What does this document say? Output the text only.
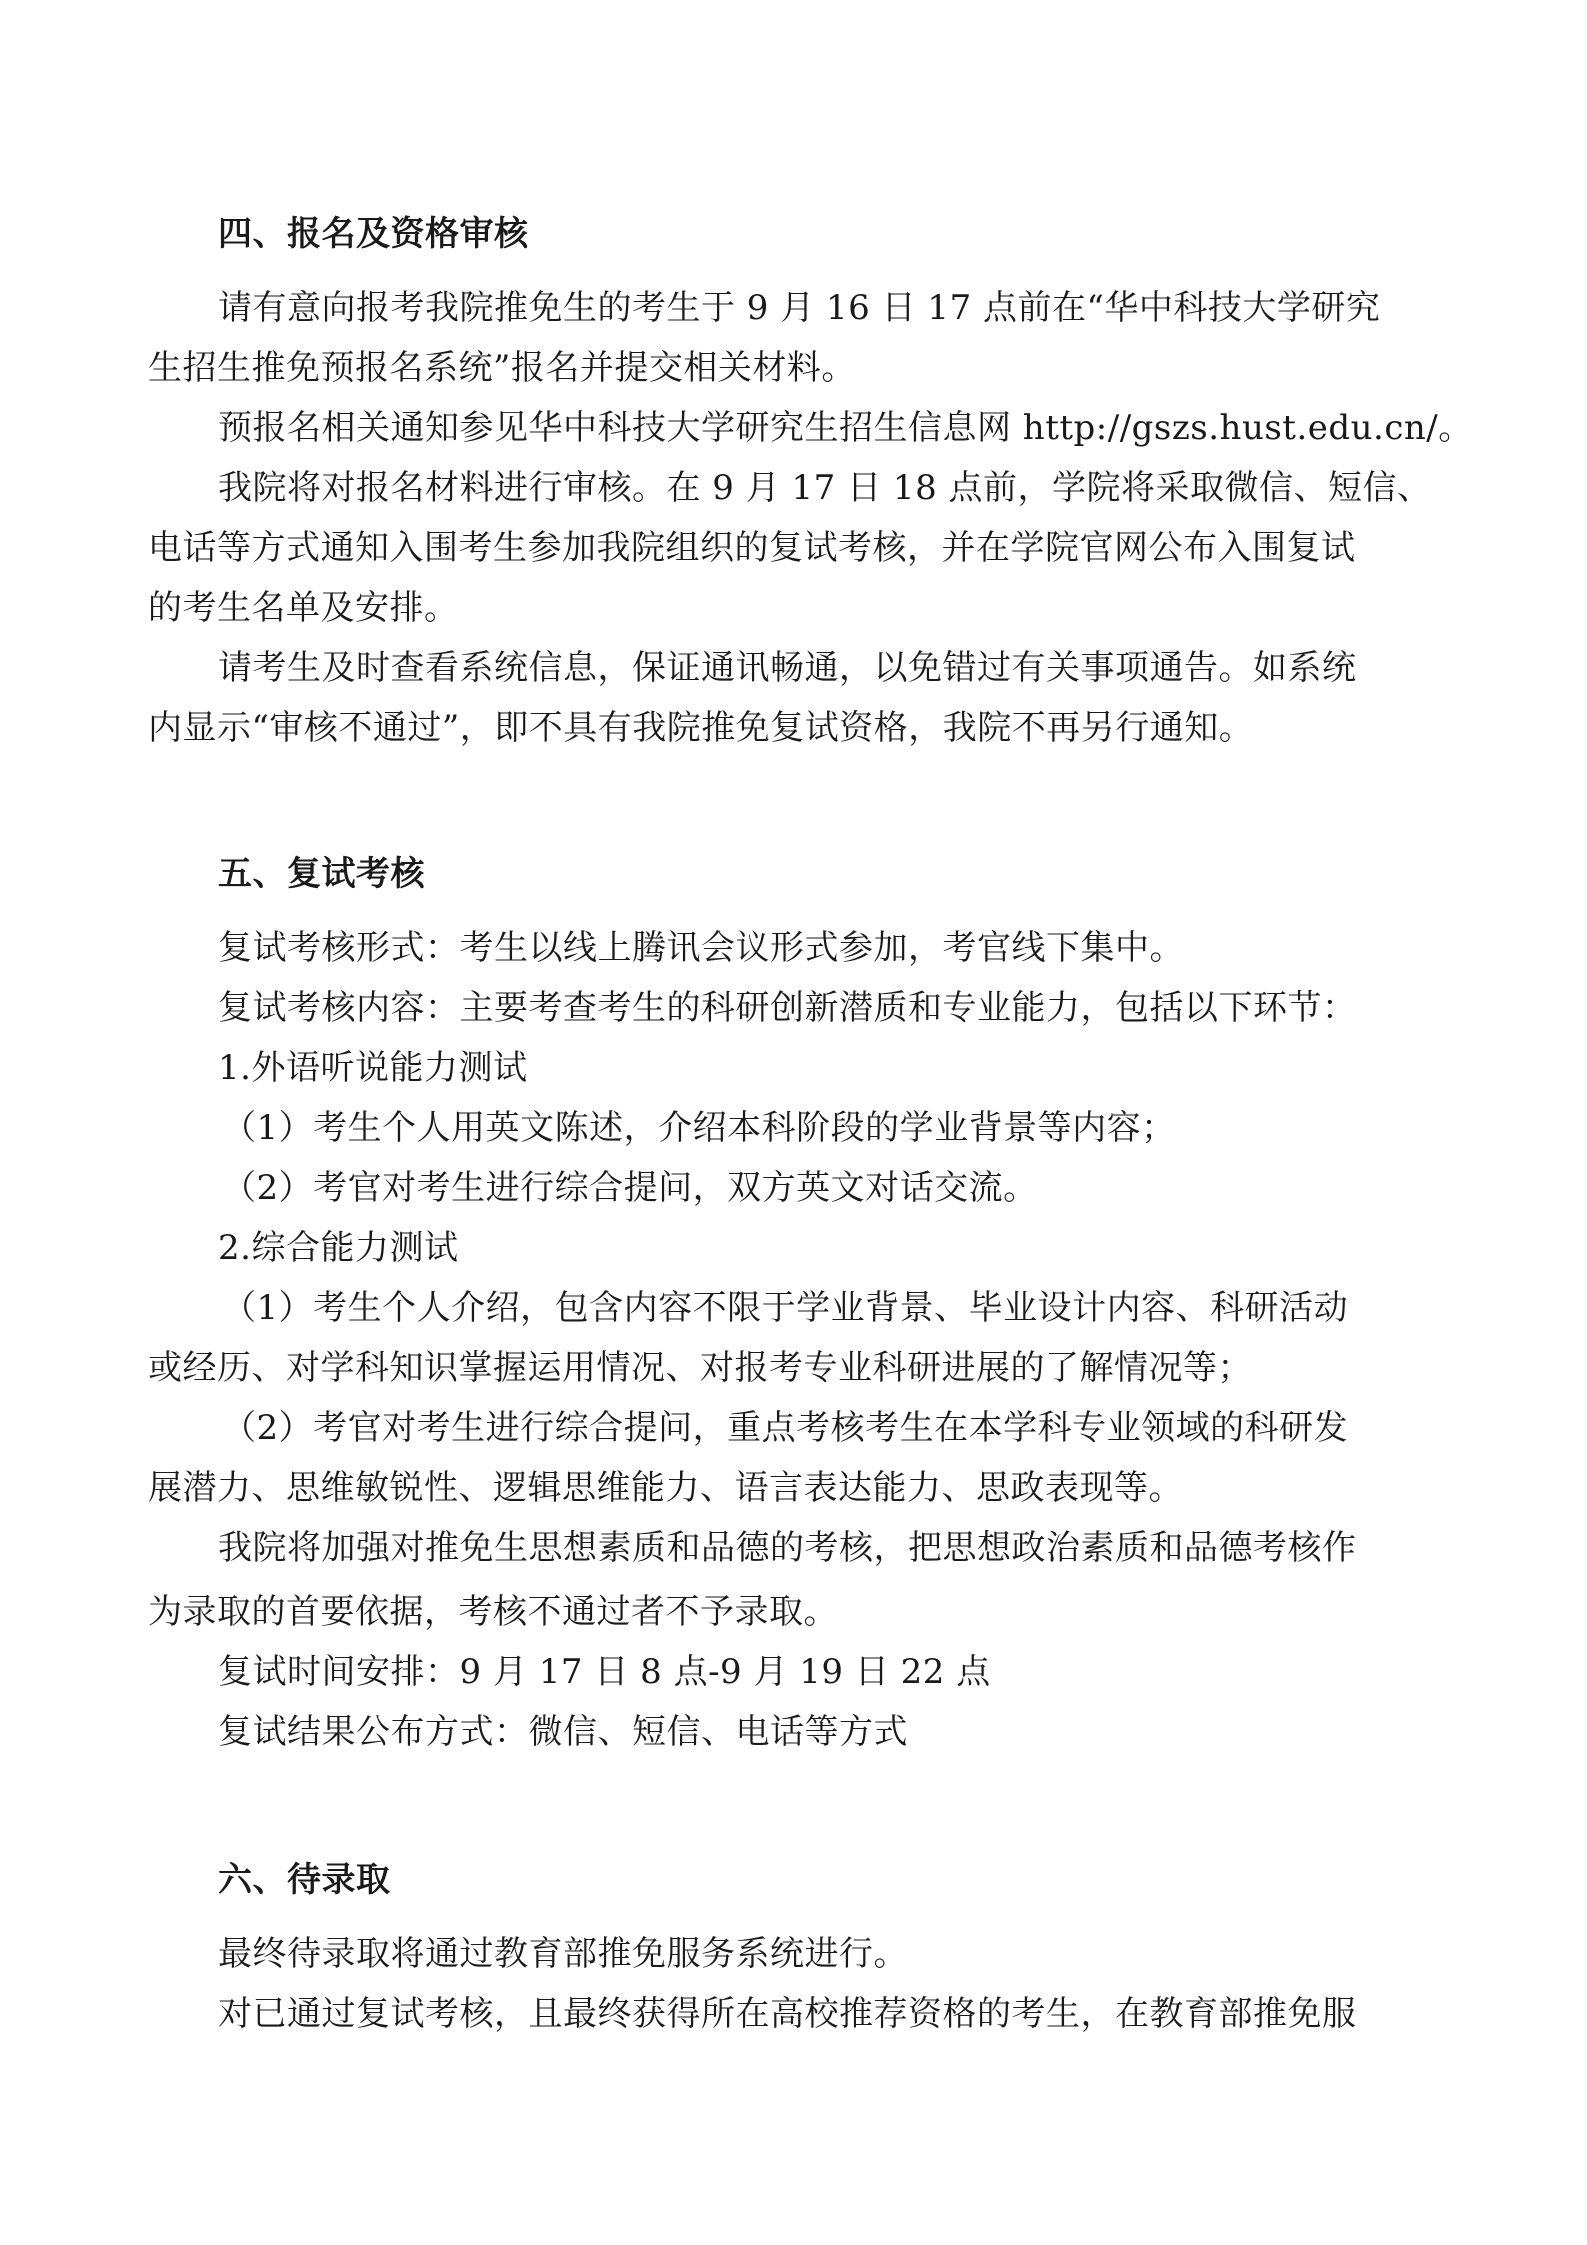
四、报名及资格审核
请有意向报考我院推免生的考生于 9 月 16 日 17 点前在“华中科技大学研究
生招生推免预报名系统”报名并提交相关材料。
预报名相关通知参见华中科技大学研究生招生信息网 http://gszs.hust.edu.cn/。
我院将对报名材料进行审核。在 9 月 17 日 18 点前，学院将采取微信、短信、
电话等方式通知入围考生参加我院组织的复试考核，并在学院官网公布入围复试
的考生名单及安排。
请考生及时查看系统信息，保证通讯畅通，以免错过有关事项通告。如系统
内显示“审核不通过”，即不具有我院推免复试资格，我院不再另行通知。
五、复试考核
复试考核形式：考生以线上腾讯会议形式参加，考官线下集中。
复试考核内容：主要考查考生的科研创新潜质和专业能力，包括以下环节：
1.外语听说能力测试
（1）考生个人用英文陈述，介绍本科阶段的学业背景等内容；
（2）考官对考生进行综合提问，双方英文对话交流。
2.综合能力测试
（1）考生个人介绍，包含内容不限于学业背景、毕业设计内容、科研活动
或经历、对学科知识掌握运用情况、对报考专业科研进展的了解情况等；
（2）考官对考生进行综合提问，重点考核考生在本学科专业领域的科研发
展潜力、思维敏锐性、逻辑思维能力、语言表达能力、思政表现等。
我院将加强对推免生思想素质和品德的考核，把思想政治素质和品德考核作
为录取的首要依据，考核不通过者不予录取。
复试时间安排：9 月 17 日 8 点-9 月 19 日 22 点
复试结果公布方式：微信、短信、电话等方式
六、待录取
最终待录取将通过教育部推免服务系统进行。
对已通过复试考核，且最终获得所在高校推荐资格的考生，在教育部推免服
